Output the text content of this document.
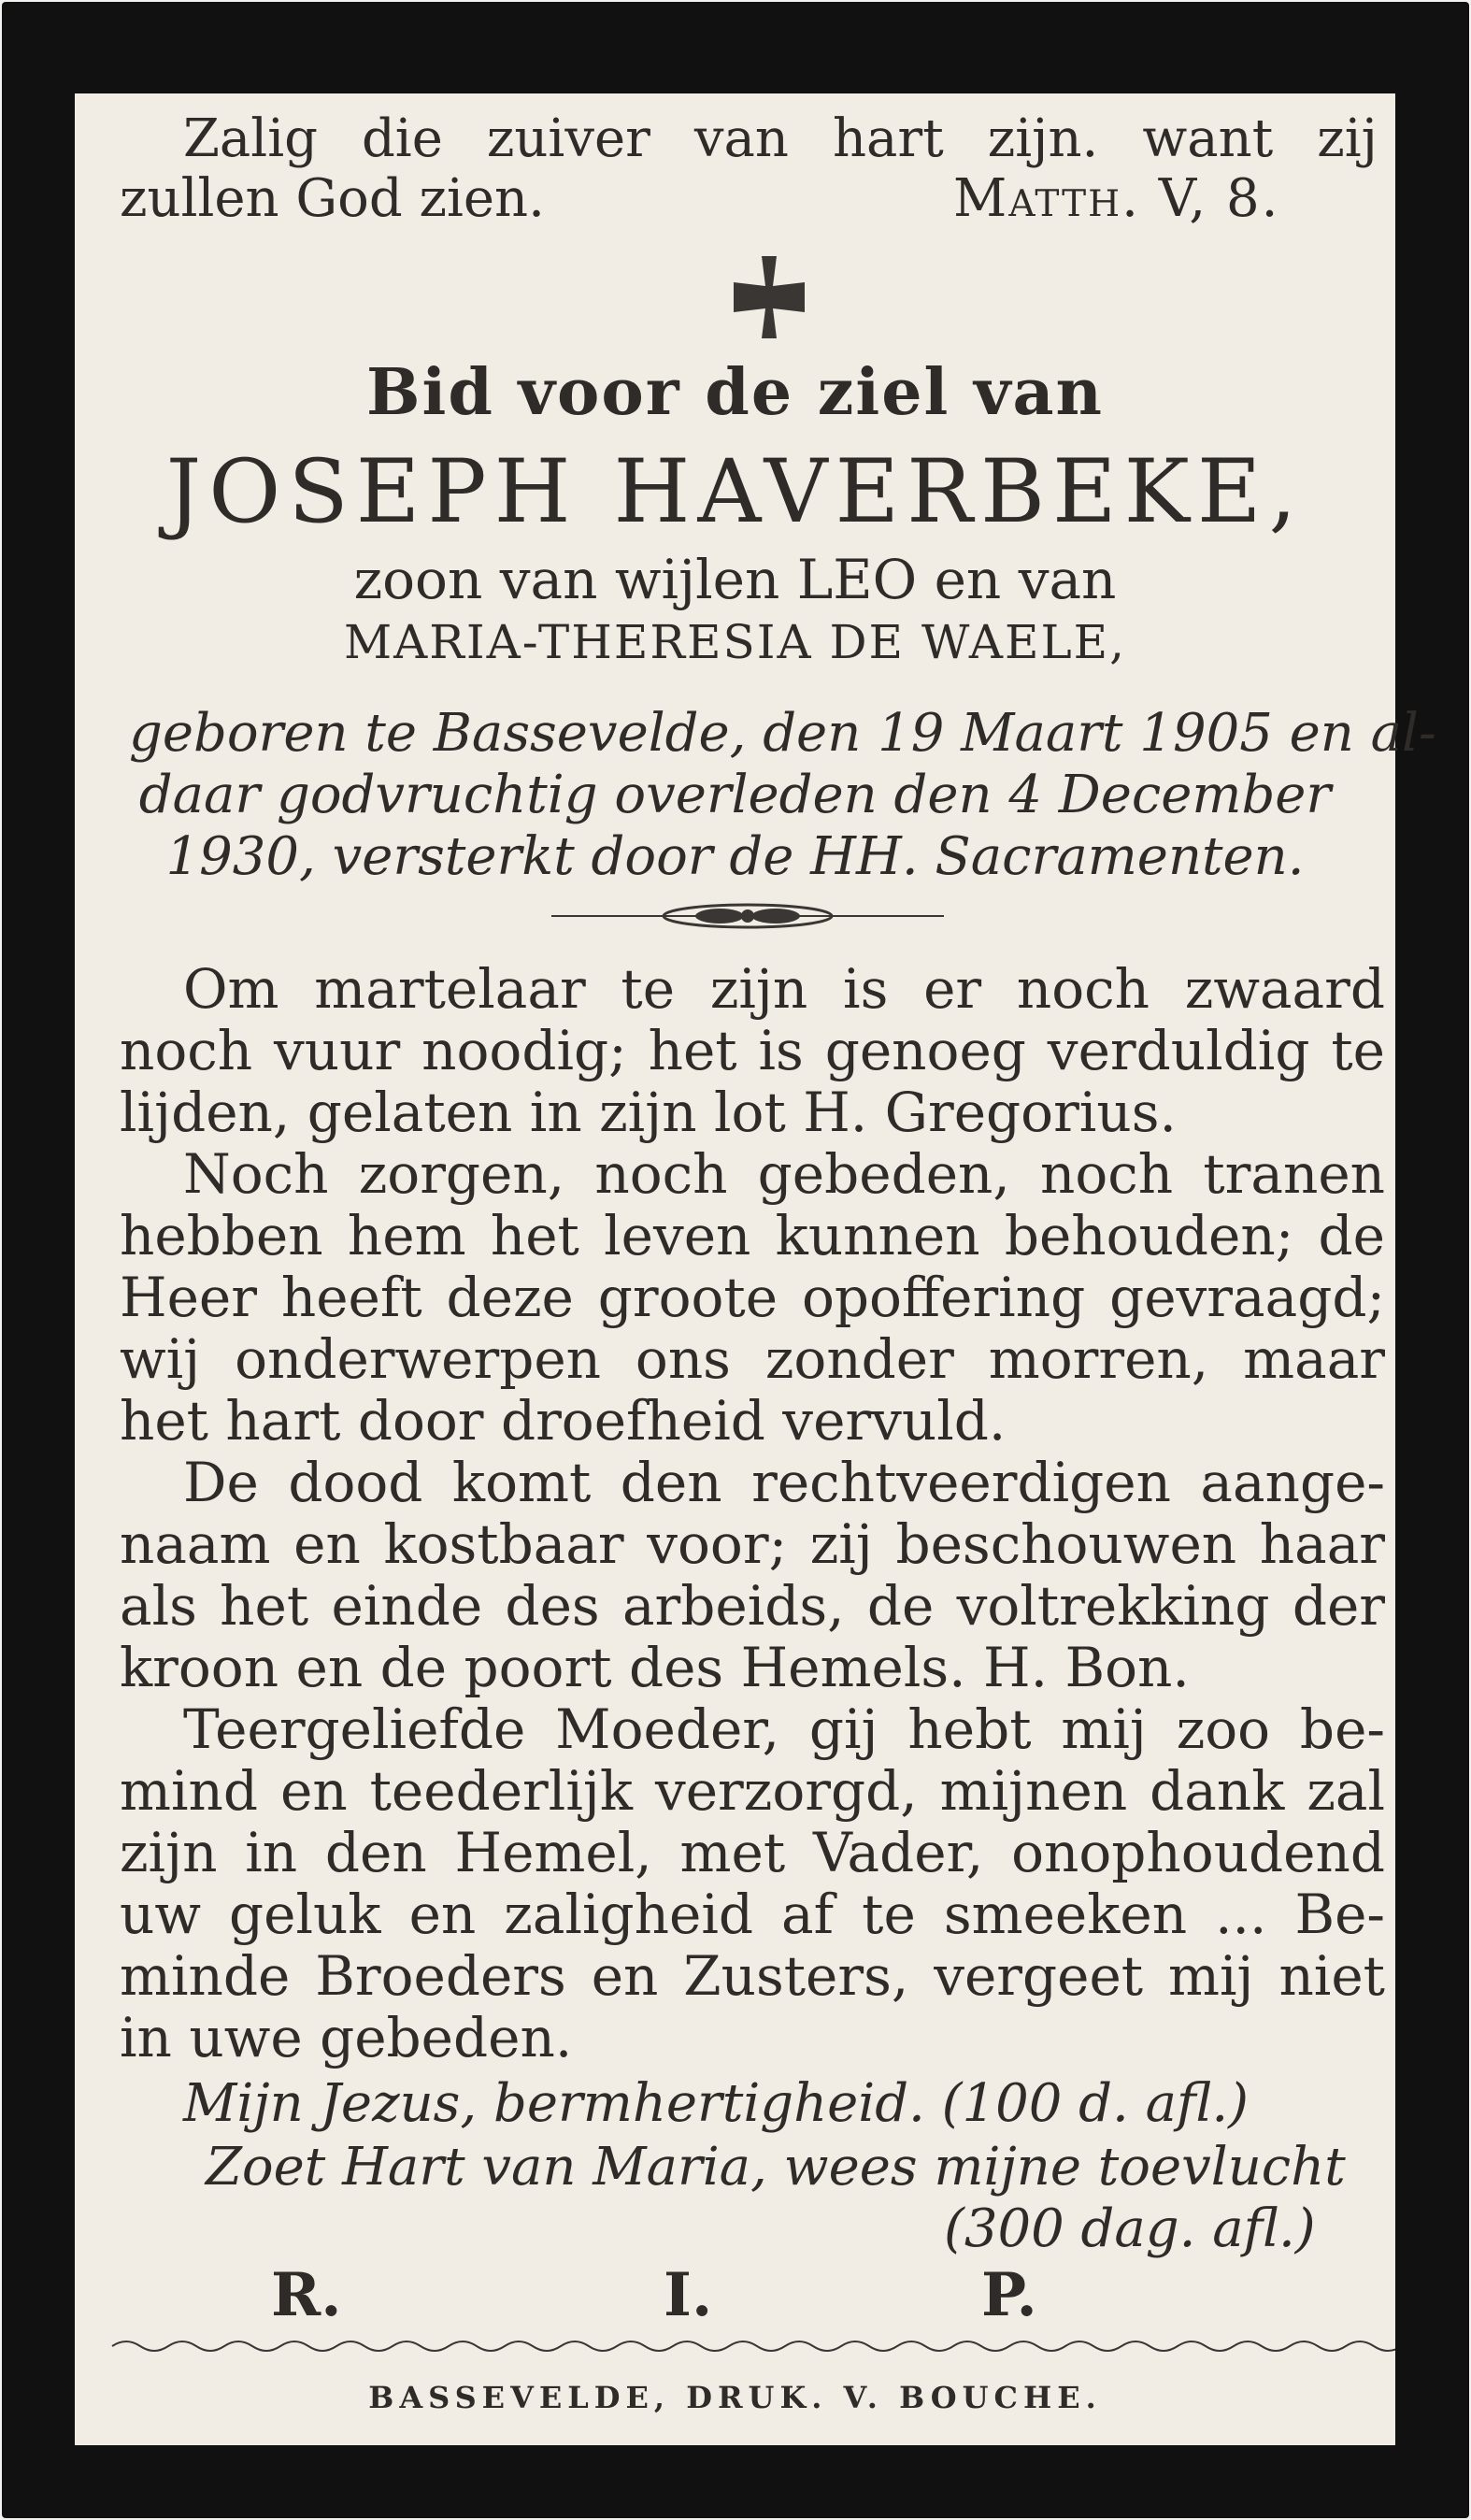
Zalig die zuiver van hart zijn. want zij
zullen God zien.	Matth. V, 8.
Bid voor de ziel van
JOSEPH HAVERBEKE,
zoon van wijlen LEO en van
MARIA-THERESIA DE WAELE,
geboren te Bassevelde, den 19 Maart 1905 en al-
daar godvruchtig overleden den 4 December
1930, versterkt door de HH. Sacramenten.
Om martelaar te zijn is er noch zwaard
noch vuur noodig; het is genoeg verduldig te
lijden, gelaten in zijn lot H. Gregorius.
Noch zorgen, noch gebeden, noch tranen
hebben hem het leven kunnen behouden; de
Heer heeft deze groote opoffering gevraagd;
wij onderwerpen ons zonder morren, maar
het hart door droefheid vervuld.
De dood komt den rechtveerdigen aange-
naam en kostbaar voor; zij beschouwen haar
als het einde des arbeids, de voltrekking der
kroon en de poort des Hemels. H. Bon.
Teergeliefde Moeder, gij hebt mij zoo be-
mind en teederlijk verzorgd, mijnen dank zal
zijn in den Hemel, met Vader, onophoudend
uw geluk en zaligheid af te smeeken ... Be-
minde Broeders en Zusters, vergeet mij niet
in uwe gebeden.
Mijn Jezus, bermhertigheid. (100 d. afl.)
Zoet Hart van Maria, wees mijne toevlucht
(300 dag. afl.)
R.	I.	P.
BASSEVELDE, DRUK. V. BOUCHE.
